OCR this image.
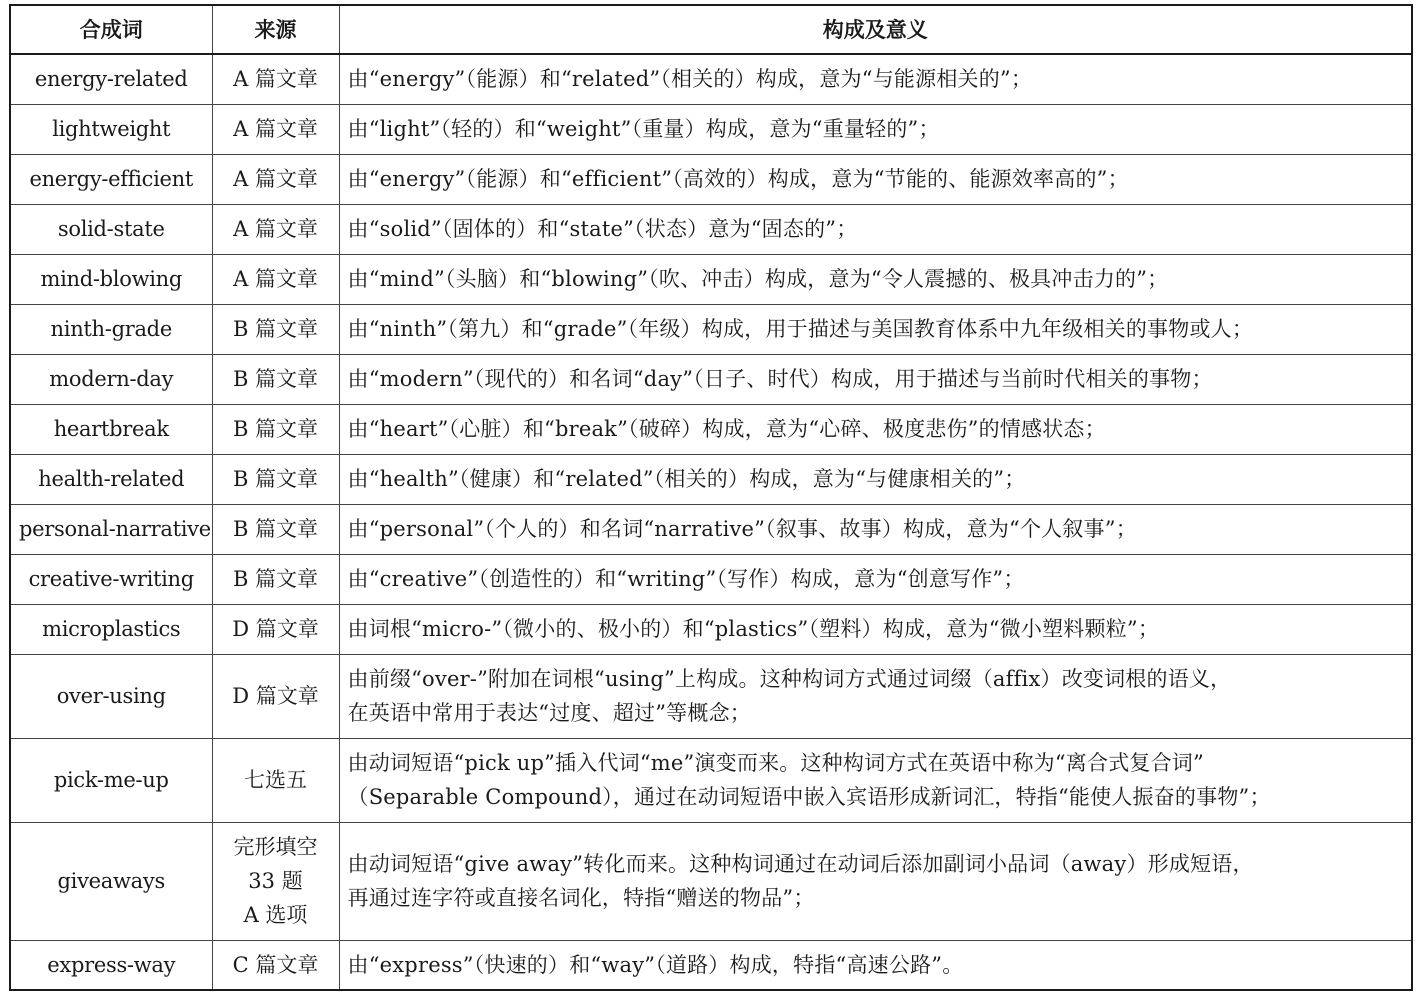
合成词	来源	构成及意义
energy-related	A 篇文章	由“energy”（能源）和“related”（相关的）构成，意为“与能源相关的”；

lightweight	A 篇文章	由“light”（轻的）和“weight”（重量）构成，意为“重量轻的”；

energy-efficient	A 篇文章	由“energy”（能源）和“efficient”（高效的）构成，意为“节能的、能源效率高的”；

solid-state	A 篇文章	由“solid”（固体的）和“state”（状态）意为“固态的”；

mind-blowing	A 篇文章	由“mind”（头脑）和“blowing”（吹、冲击）构成，意为“令人震撼的、极具冲击力的”；

ninth-grade	B 篇文章	由“ninth”（第九）和“grade”（年级）构成，用于描述与美国教育体系中九年级相关的事物或人；

modern-day	B 篇文章	由“modern”（现代的）和名词“day”（日子、时代）构成，用于描述与当前时代相关的事物；

heartbreak	B 篇文章	由“heart”（心脏）和“break”（破碎）构成，意为“心碎、极度悲伤”的情感状态；

health-related	B 篇文章	由“health”（健康）和“related”（相关的）构成，意为“与健康相关的”；

personal-narrative	B 篇文章	由“personal”（个人的）和名词“narrative”（叙事、故事）构成，意为“个人叙事”；

creative-writing	B 篇文章	由“creative”（创造性的）和“writing”（写作）构成，意为“创意写作”；

microplastics	D 篇文章	由词根“micro-”（微小的、极小的）和“plastics”（塑料）构成，意为“微小塑料颗粒”；

over-using	D 篇文章	由前缀“over-”附加在词根“using”上构成。这种构词方式通过词缀（affix）改变词根的语义，
在英语中常用于表达“过度、超过”等概念；

pick-me-up	七选五	由动词短语“pick up”插入代词“me”演变而来。这种构词方式在英语中称为“离合式复合词”
（Separable Compound），通过在动词短语中嵌入宾语形成新词汇，特指“能使人振奋的事物”；

giveaways	完形填空
33 题
A 选项	由动词短语“give away”转化而来。这种构词通过在动词后添加副词小品词（away）形成短语，
再通过连字符或直接名词化，特指“赠送的物品”；

express-way	C 篇文章	由“express”（快速的）和“way”（道路）构成，特指“高速公路”。
